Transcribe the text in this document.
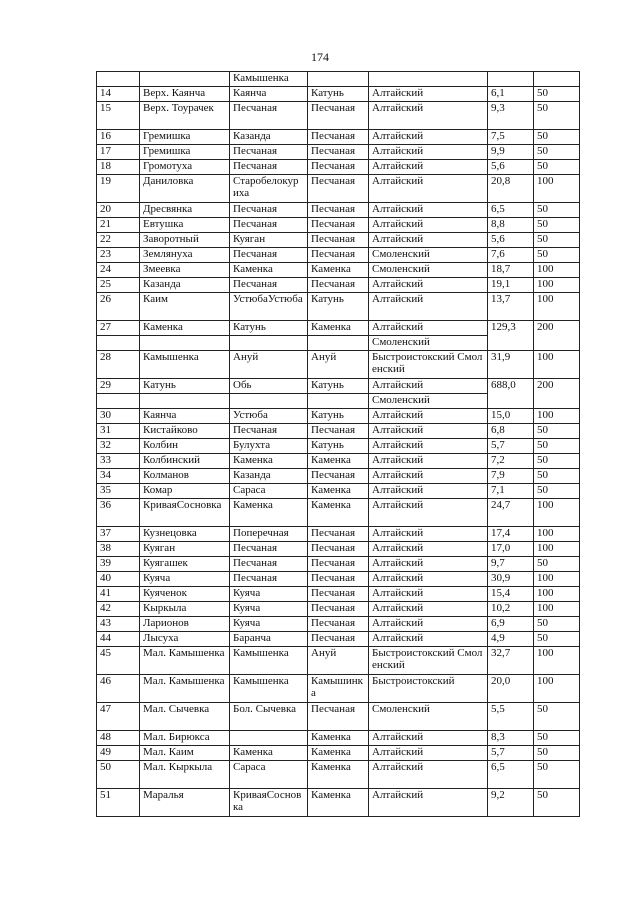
174
		Камышенка				
14	Верх. Каянча	Каянча	Катунь	Алтайский	6,1	50
15	Верх. Тоурачек	Песчаная	Песчаная	Алтайский	9,3	50
16	Гремишка	Казанда	Песчаная	Алтайский	7,5	50
17	Гремишка	Песчаная	Песчаная	Алтайский	9,9	50
18	Громотуха	Песчаная	Песчаная	Алтайский	5,6	50
19	Даниловка	Старобелокуриха	Песчаная	Алтайский	20,8	100
20	Дресвянка	Песчаная	Песчаная	Алтайский	6,5	50
21	Евтушка	Песчаная	Песчаная	Алтайский	8,8	50
22	Заворотный	Куяган	Песчаная	Алтайский	5,6	50
23	Землянуха	Песчаная	Песчаная	Смоленский	7,6	50
24	Змеевка	Каменка	Каменка	Смоленский	18,7	100
25	Казанда	Песчаная	Песчаная	Алтайский	19,1	100
26	Каим	УстюбаУстюба	Катунь	Алтайский	13,7	100
27	Каменка	Катунь	Каменка	Алтайский	129,3	200
				Смоленский		
28	Камышенка	Ануй	Ануй	Быстроистокский Смоленский	31,9	100
29	Катунь	Обь	Катунь	Алтайский	688,0	200
				Смоленский		
30	Каянча	Устюба	Катунь	Алтайский	15,0	100
31	Кистайково	Песчаная	Песчаная	Алтайский	6,8	50
32	Колбин	Булухта	Катунь	Алтайский	5,7	50
33	Колбинский	Каменка	Каменка	Алтайский	7,2	50
34	Колманов	Казанда	Песчаная	Алтайский	7,9	50
35	Комар	Сараса	Каменка	Алтайский	7,1	50
36	КриваяСосновка	Каменка	Каменка	Алтайский	24,7	100
37	Кузнецовка	Поперечная	Песчаная	Алтайский	17,4	100
38	Куяган	Песчаная	Песчаная	Алтайский	17,0	100
39	Куягашек	Песчаная	Песчаная	Алтайский	9,7	50
40	Куяча	Песчаная	Песчаная	Алтайский	30,9	100
41	Куяченок	Куяча	Песчаная	Алтайский	15,4	100
42	Кыркыла	Куяча	Песчаная	Алтайский	10,2	100
43	Ларионов	Куяча	Песчаная	Алтайский	6,9	50
44	Лысуха	Баранча	Песчаная	Алтайский	4,9	50
45	Мал. Камышенка	Камышенка	Ануй	Быстроистокский Смоленский	32,7	100
46	Мал. Камышенка	Камышенка	Камышинка	Быстроистокский	20,0	100
47	Мал. Сычевка	Бол. Сычевка	Песчаная	Смоленский	5,5	50
48	Мал. Бирюкса		Каменка	Алтайский	8,3	50
49	Мал. Каим	Каменка	Каменка	Алтайский	5,7	50
50	Мал. Кыркыла	Сараса	Каменка	Алтайский	6,5	50
51	Маралья	КриваяСосновка	Каменка	Алтайский	9,2	50
